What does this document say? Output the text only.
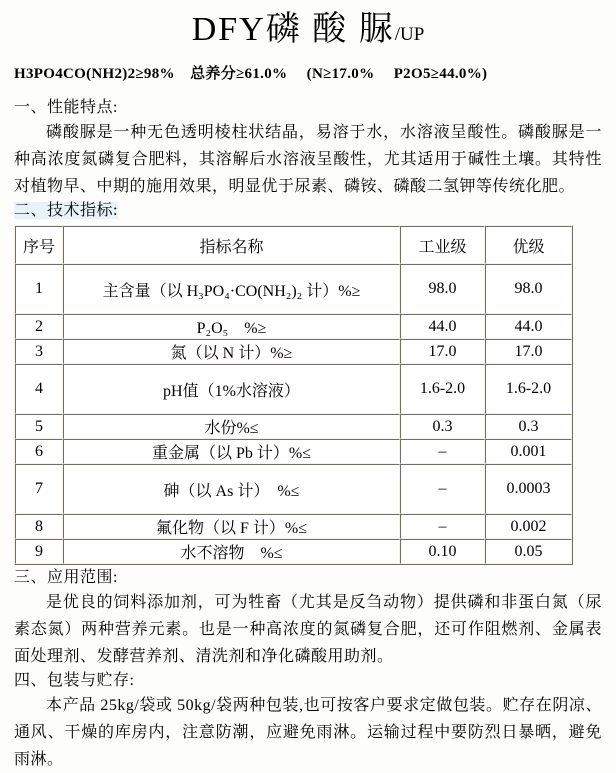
DFY磷 酸 脲/UP

H3PO4CO(NH2)2≥98%　总养分≥61.0%　 (N≥17.0%　 P2O5≥44.0%)

一、性能特点:

磷酸脲是一种无色透明棱柱状结晶，易溶于水，水溶液呈酸性。磷酸脲是一种高浓度氮磷复合肥料，其溶解后水溶液呈酸性，尤其适用于碱性土壤。其特性对植物早、中期的施用效果，明显优于尿素、磷铵、磷酸二氢钾等传统化肥。

二、技术指标:
序号	指标名称	工业级	优级
1	主含量（以 H₃PO₄·CO(NH₂)₂ 计）%≥	98.0	98.0
2	P₂O₅　%≥	44.0	44.0
3	氮（以 N 计）%≥	17.0	17.0
4	pH值（1%水溶液）	1.6-2.0	1.6-2.0
5	水份%≤	0.3	0.3
6	重金属（以 Pb 计）%≤	–	0.001
7	砷（以 As 计）　%≤	–	0.0003
8	氟化物（以 F 计）%≤	–	0.002
9	水不溶物　%≤	0.10	0.05
三、应用范围:

是优良的饲料添加剂，可为牲畜（尤其是反刍动物）提供磷和非蛋白氮（尿素态氮）两种营养元素。也是一种高浓度的氮磷复合肥，还可作阻燃剂、金属表面处理剂、发酵营养剂、清洗剂和净化磷酸用助剂。

四、包装与贮存:

本产品 25kg/袋或 50kg/袋两种包装,也可按客户要求定做包装。贮存在阴凉、通风、干燥的库房内，注意防潮，应避免雨淋。运输过程中要防烈日暴晒，避免雨淋。
